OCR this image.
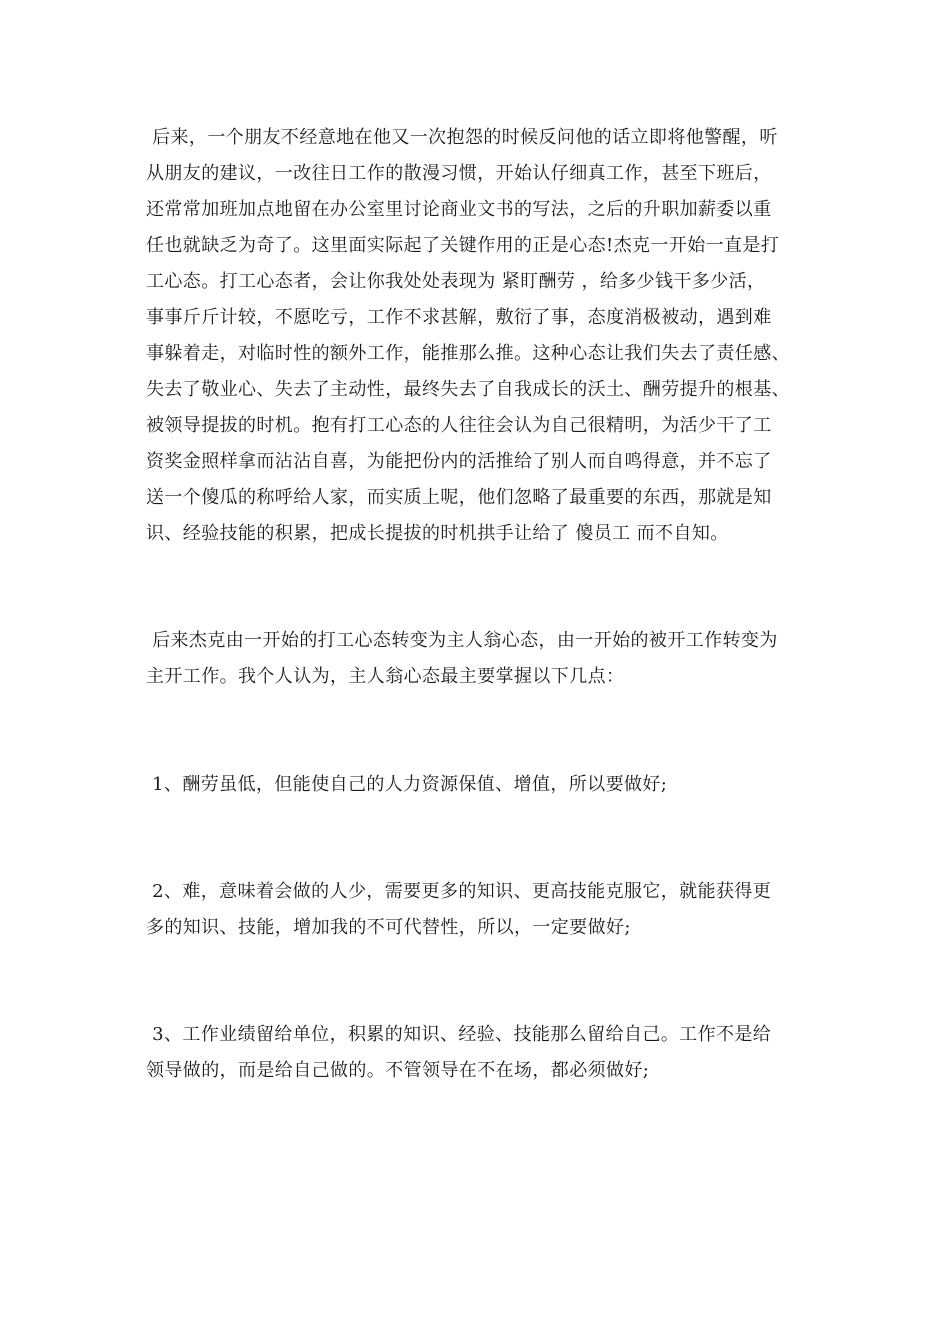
后来，一个朋友不经意地在他又一次抱怨的时候反问他的话立即将他警醒，听
从朋友的建议，一改往日工作的散漫习惯，开始认仔细真工作，甚至下班后，
还常常加班加点地留在办公室里讨论商业文书的写法，之后的升职加薪委以重
任也就缺乏为奇了。这里面实际起了关键作用的正是心态!杰克一开始一直是打
工心态。打工心态者，会让你我处处表现为 紧盯酬劳 ，给多少钱干多少活，
事事斤斤计较，不愿吃亏，工作不求甚解，敷衍了事，态度消极被动，遇到难
事躲着走，对临时性的额外工作，能推那么推。这种心态让我们失去了责任感、
失去了敬业心、失去了主动性，最终失去了自我成长的沃土、酬劳提升的根基、
被领导提拔的时机。抱有打工心态的人往往会认为自己很精明，为活少干了工
资奖金照样拿而沾沾自喜，为能把份内的活推给了别人而自鸣得意，并不忘了
送一个傻瓜的称呼给人家，而实质上呢，他们忽略了最重要的东西，那就是知
识、经验技能的积累，把成长提拔的时机拱手让给了 傻员工 而不自知。
后来杰克由一开始的打工心态转变为主人翁心态，由一开始的被开工作转变为
主开工作。我个人认为，主人翁心态最主要掌握以下几点：
1、酬劳虽低，但能使自己的人力资源保值、增值，所以要做好;
2、难，意味着会做的人少，需要更多的知识、更高技能克服它，就能获得更
多的知识、技能，增加我的不可代替性，所以，一定要做好;
3、工作业绩留给单位，积累的知识、经验、技能那么留给自己。工作不是给
领导做的，而是给自己做的。不管领导在不在场，都必须做好;
